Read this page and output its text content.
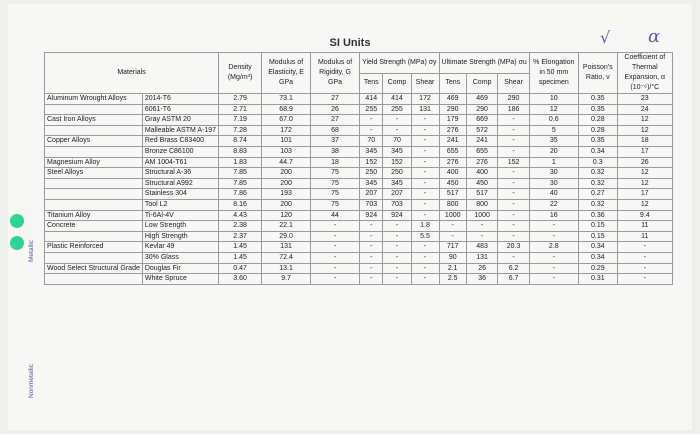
SI Units	√ α
Metallic
Nonmetallic
Materials		Density (Mg/m³)	Modulus of Elasticity, E GPa	Modulus of Rigidity, G GPa	Yield Strength (MPa) σy			Ultimate Strength (MPa) σu			% Elongation in 50 mm specimen	Poisson's Ratio, v	Coefficient of Thermal Expansion, α (10⁻⁶)/°C
					Tens	Comp	Shear	Tens	Comp	Shear			
Aluminum Wrought Alloys	2014-T6	2.79	73.1	27	414	414	172	469	469	290	10	0.35	23
	6061-T6	2.71	68.9	26	255	255	131	290	290	186	12	0.35	24
Cast Iron Alloys	Gray ASTM 20	7.19	67.0	27	-	-	-	179	669	-	0.6	0.28	12
	Malleable ASTM A-197	7.28	172	68	-	-	-	276	572	-	5	0.28	12
Copper Alloys	Red Brass C83400	8.74	101	37	70	70	-	241	241	-	35	0.35	18
	Bronze C86100	8.83	103	38	345	345	-	655	655	-	20	0.34	17
Magnesium Alloy	AM 1004-T61	1.83	44.7	18	152	152	-	276	276	152	1	0.3	26
Steel Alloys	Structural A-36	7.85	200	75	250	250	-	400	400	-	30	0.32	12
	Structural A992	7.85	200	75	345	345	-	450	450	-	30	0.32	12
	Stainless 304	7.86	193	75	207	207	-	517	517	-	40	0.27	17
	Tool L2	8.16	200	75	703	703	-	800	800	-	22	0.32	12
Titanium Alloy	Ti-6Al-4V	4.43	120	44	924	924	-	1000	1000	-	16	0.36	9.4
Concrete	Low Strength	2.38	22.1	-	-	-	1.8	-	-	-	-	0.15	11
	High Strength	2.37	29.0	-	-	-	5.5	-	-	-	-	0.15	11
Plastic Reinforced	Kevlar 49	1.45	131	-	-	-	-	717	483	20.3	2.8	0.34	-
	30% Glass	1.45	72.4	-	-	-	-	90	131	-	-	0.34	-
Wood Select Structural Grade	Douglas Fir	0.47	13.1	-	-	-	-	2.1	26	6.2	-	0.29	-
	White Spruce	3.60	9.7	-	-	-	-	2.5	36	6.7	-	0.31	-
